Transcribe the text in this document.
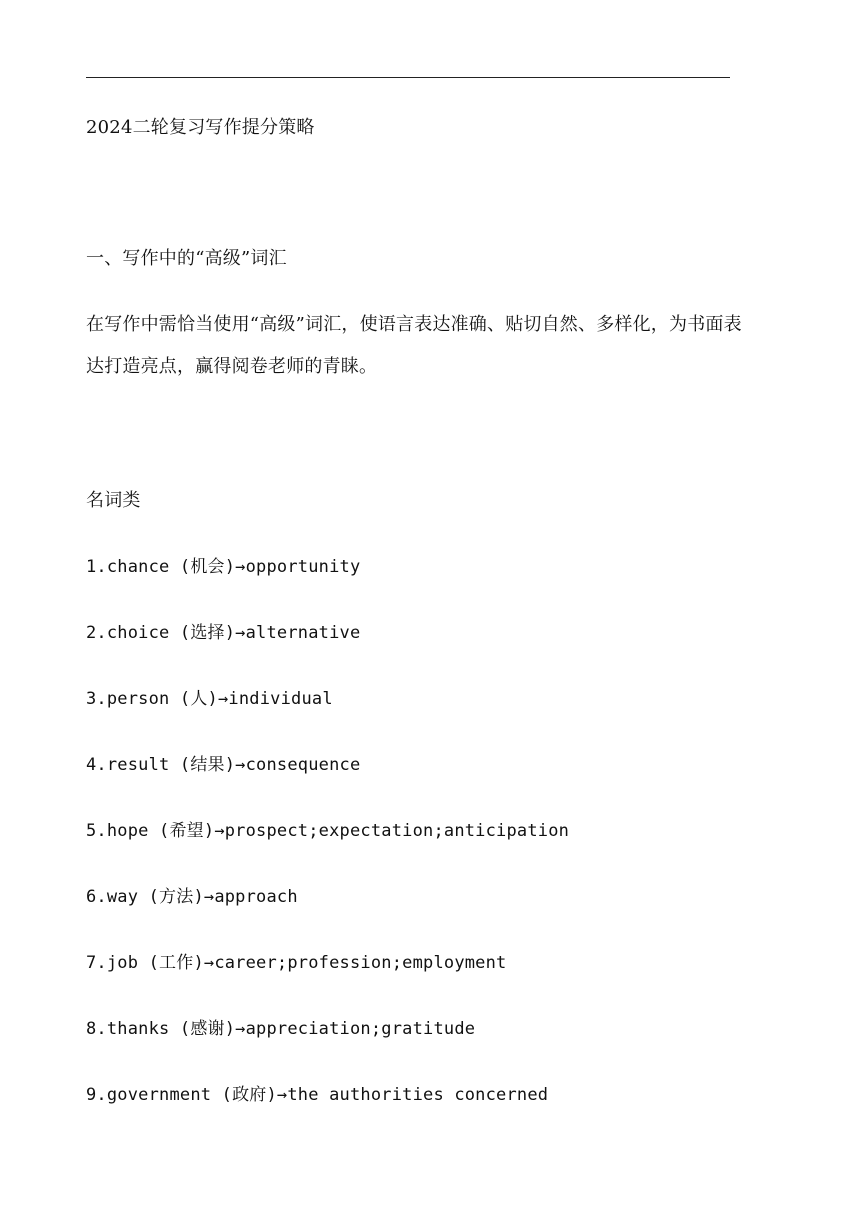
2024二轮复习写作提分策略
一、写作中的“高级”词汇
在写作中需恰当使用“高级”词汇，使语言表达准确、贴切自然、多样化，为书面表达打造亮点，赢得阅卷老师的青睐。
名词类
1.chance (机会)→opportunity
2.choice (选择)→alternative
3.person (人)→individual
4.result (结果)→consequence
5.hope (希望)→prospect;expectation;anticipation
6.way (方法)→approach
7.job (工作)→career;profession;employment
8.thanks (感谢)→appreciation;gratitude
9.government (政府)→the authorities concerned
